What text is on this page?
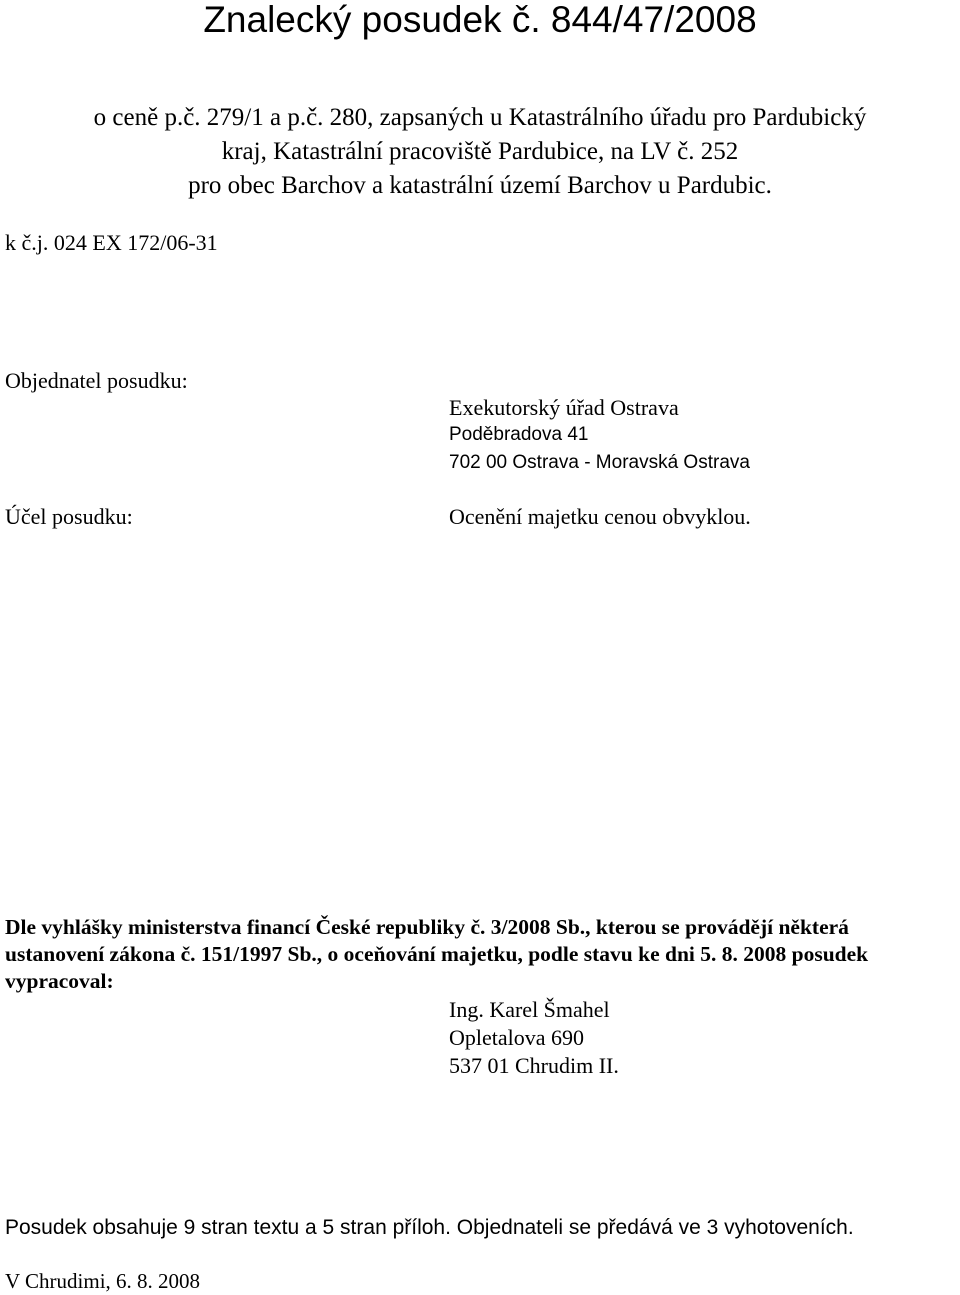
Znalecký posudek č. 844/47/2008
o ceně p.č. 279/1 a p.č. 280, zapsaných u Katastrálního úřadu pro Pardubický
kraj, Katastrální pracoviště Pardubice, na LV č. 252
pro obec Barchov a katastrální území Barchov u Pardubic.
k č.j. 024 EX 172/06-31
Objednatel posudku:
Exekutorský úřad Ostrava
Poděbradova 41
702 00 Ostrava - Moravská Ostrava
Účel posudku:	Ocenění majetku cenou obvyklou.
Dle vyhlášky ministerstva financí České republiky č. 3/2008 Sb., kterou se provádějí některá
ustanovení zákona č. 151/1997 Sb., o oceňování majetku, podle stavu ke dni 5. 8. 2008 posudek
vypracoval:
Ing. Karel Šmahel
Opletalova 690
537 01 Chrudim II.
Posudek obsahuje 9 stran textu a 5 stran příloh. Objednateli se předává ve 3 vyhotoveních.
V Chrudimi, 6. 8. 2008
